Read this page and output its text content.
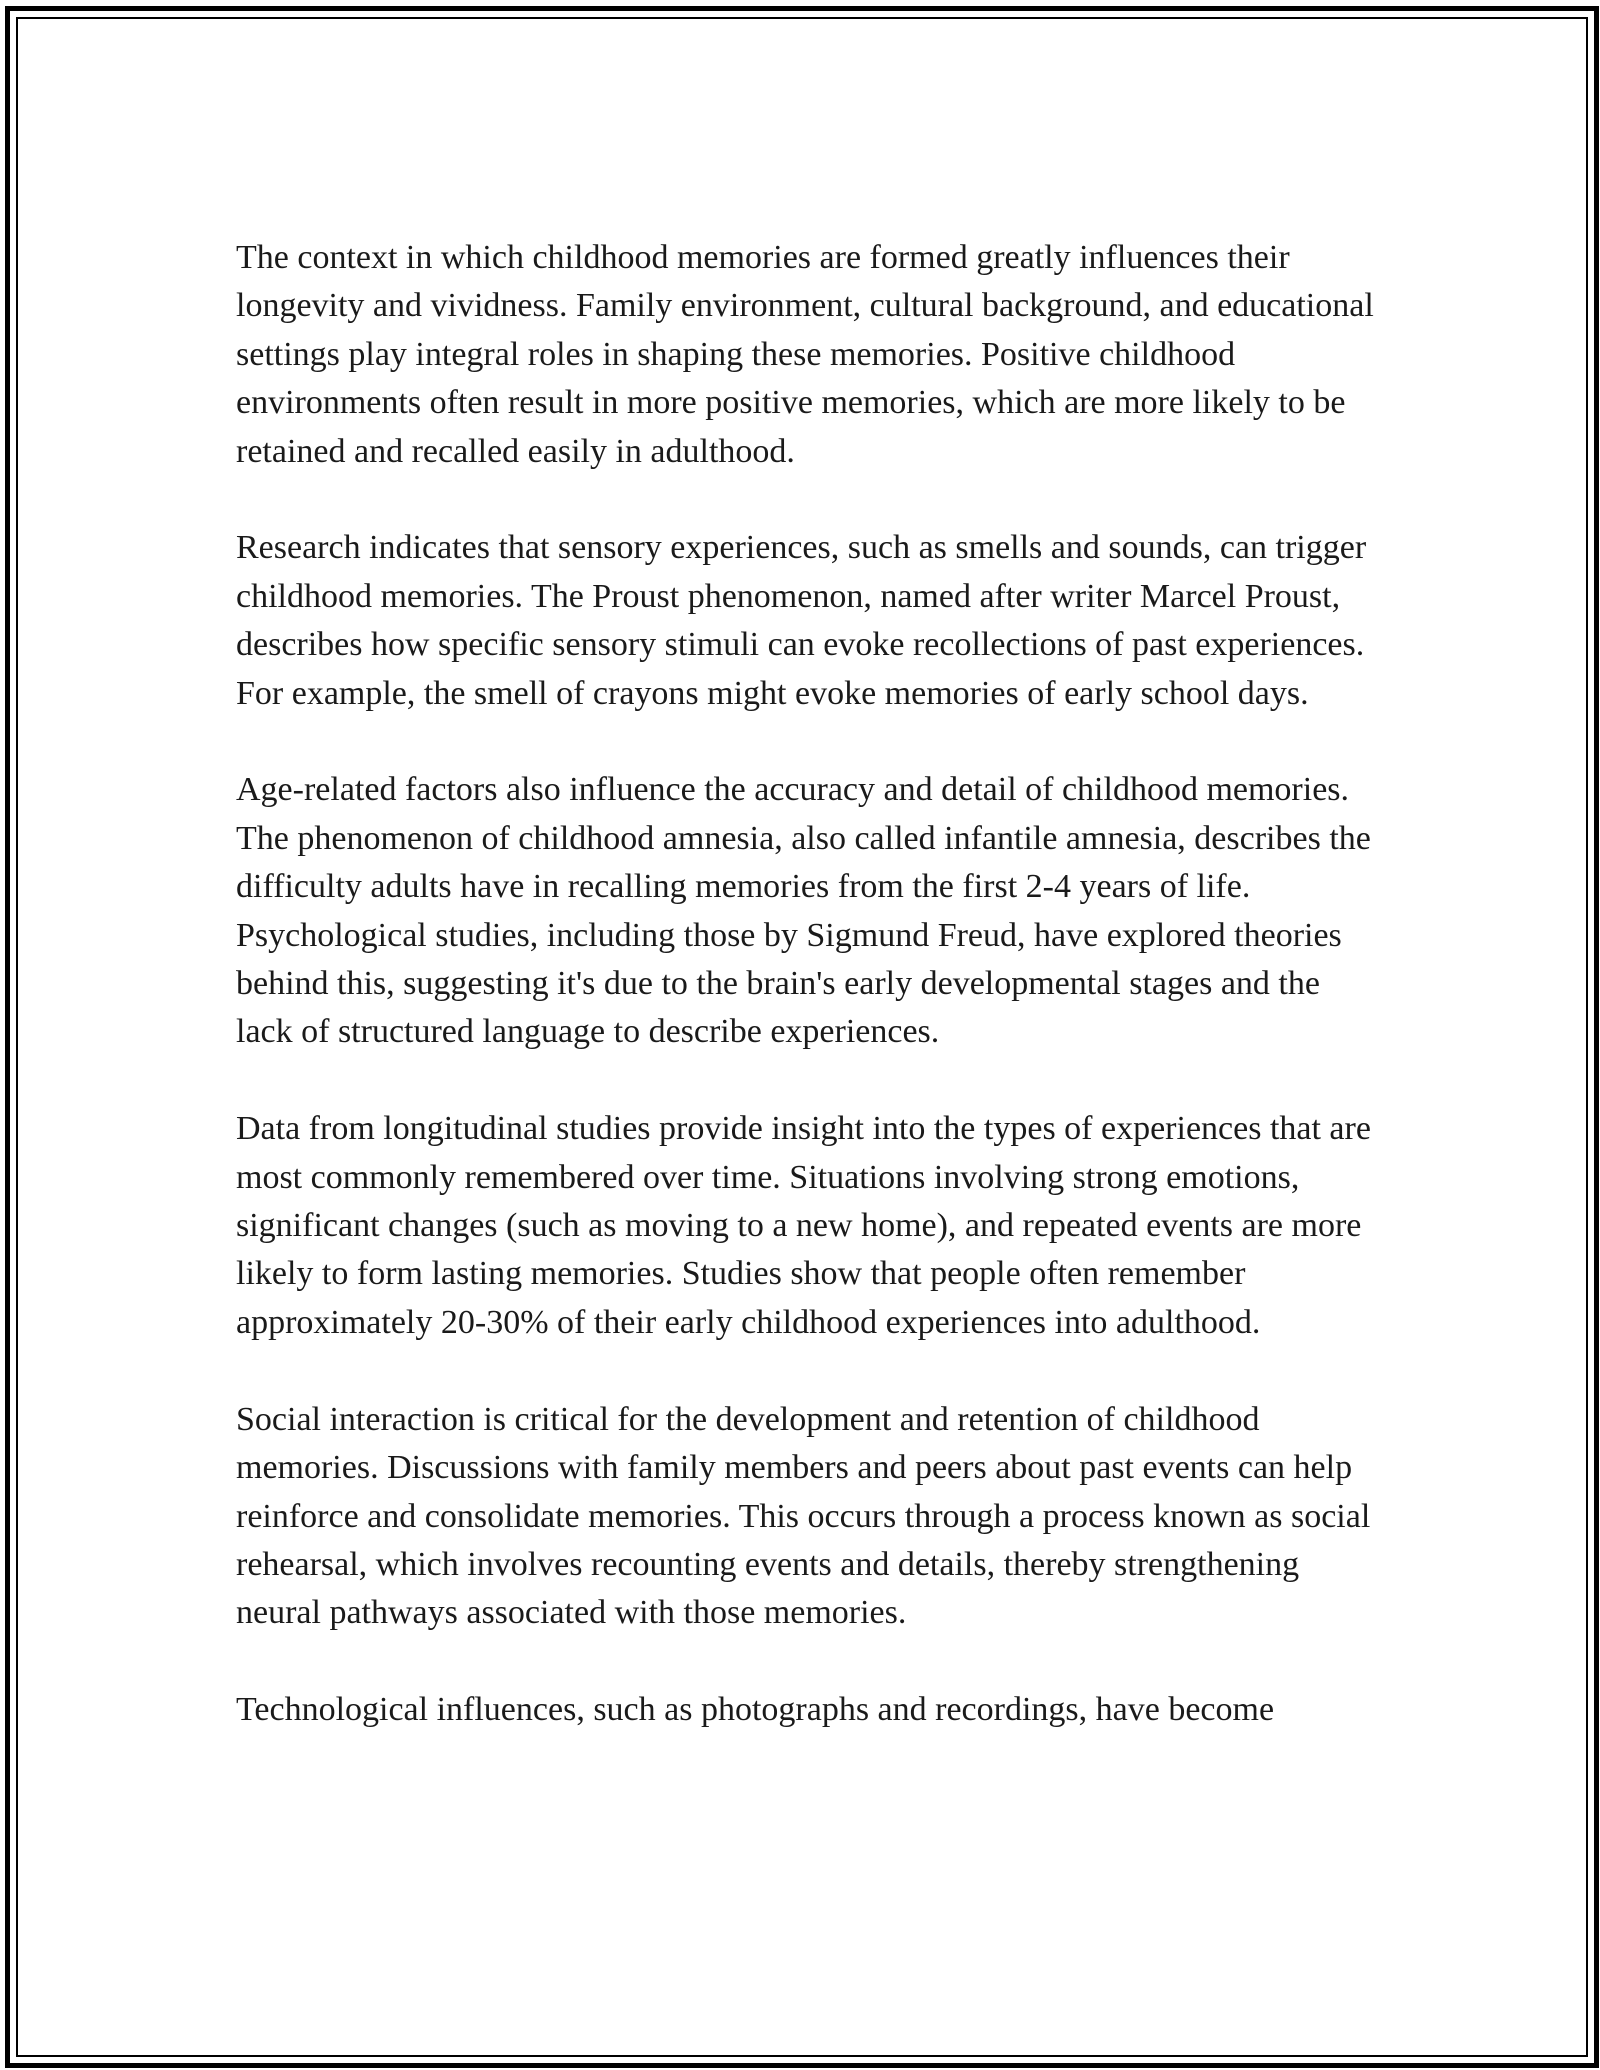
The context in which childhood memories are formed greatly influences their longevity and vividness. Family environment, cultural background, and educational settings play integral roles in shaping these memories. Positive childhood environments often result in more positive memories, which are more likely to be retained and recalled easily in adulthood.

Research indicates that sensory experiences, such as smells and sounds, can trigger childhood memories. The Proust phenomenon, named after writer Marcel Proust, describes how specific sensory stimuli can evoke recollections of past experiences. For example, the smell of crayons might evoke memories of early school days.

Age-related factors also influence the accuracy and detail of childhood memories. The phenomenon of childhood amnesia, also called infantile amnesia, describes the difficulty adults have in recalling memories from the first 2-4 years of life. Psychological studies, including those by Sigmund Freud, have explored theories behind this, suggesting it's due to the brain's early developmental stages and the lack of structured language to describe experiences.

Data from longitudinal studies provide insight into the types of experiences that are most commonly remembered over time. Situations involving strong emotions, significant changes (such as moving to a new home), and repeated events are more likely to form lasting memories. Studies show that people often remember approximately 20-30% of their early childhood experiences into adulthood.

Social interaction is critical for the development and retention of childhood memories. Discussions with family members and peers about past events can help reinforce and consolidate memories. This occurs through a process known as social rehearsal, which involves recounting events and details, thereby strengthening neural pathways associated with those memories.

Technological influences, such as photographs and recordings, have become
